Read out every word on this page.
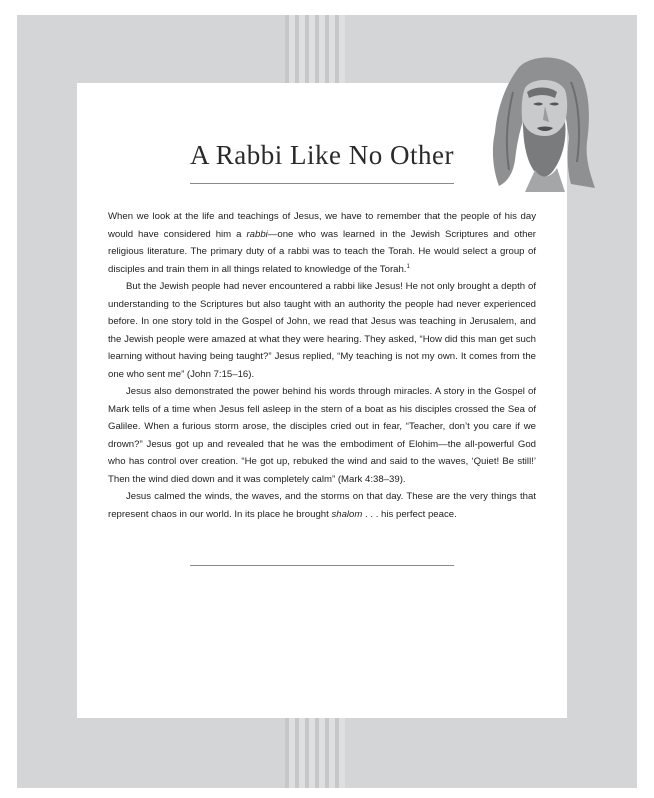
A Rabbi Like No Other

When we look at the life and teachings of Jesus, we have to remember that the people of his day would have considered him a rabbi—one who was learned in the Jewish Scriptures and other religious literature. The primary duty of a rabbi was to teach the Torah. He would select a group of disciples and train them in all things related to knowledge of the Torah.$^1$

But the Jewish people had never encountered a rabbi like Jesus! He not only brought a depth of understanding to the Scriptures but also taught with an authority the people had never experienced before. In one story told in the Gospel of John, we read that Jesus was teaching in Jerusalem, and the Jewish people were amazed at what they were hearing. They asked, “How did this man get such learning without having being taught?” Jesus replied, “My teaching is not my own. It comes from the one who sent me” (John 7:15–16).

Jesus also demonstrated the power behind his words through miracles. A story in the Gospel of Mark tells of a time when Jesus fell asleep in the stern of a boat as his disciples crossed the Sea of Galilee. When a furious storm arose, the disciples cried out in fear, “Teacher, don’t you care if we drown?” Jesus got up and revealed that he was the embodiment of Elohim—the all-powerful God who has control over creation. “He got up, rebuked the wind and said to the waves, ‘Quiet! Be still!’ Then the wind died down and it was completely calm” (Mark 4:38–39).

Jesus calmed the winds, the waves, and the storms on that day. These are the very things that represent chaos in our world. In its place he brought shalom . . . his perfect peace.
